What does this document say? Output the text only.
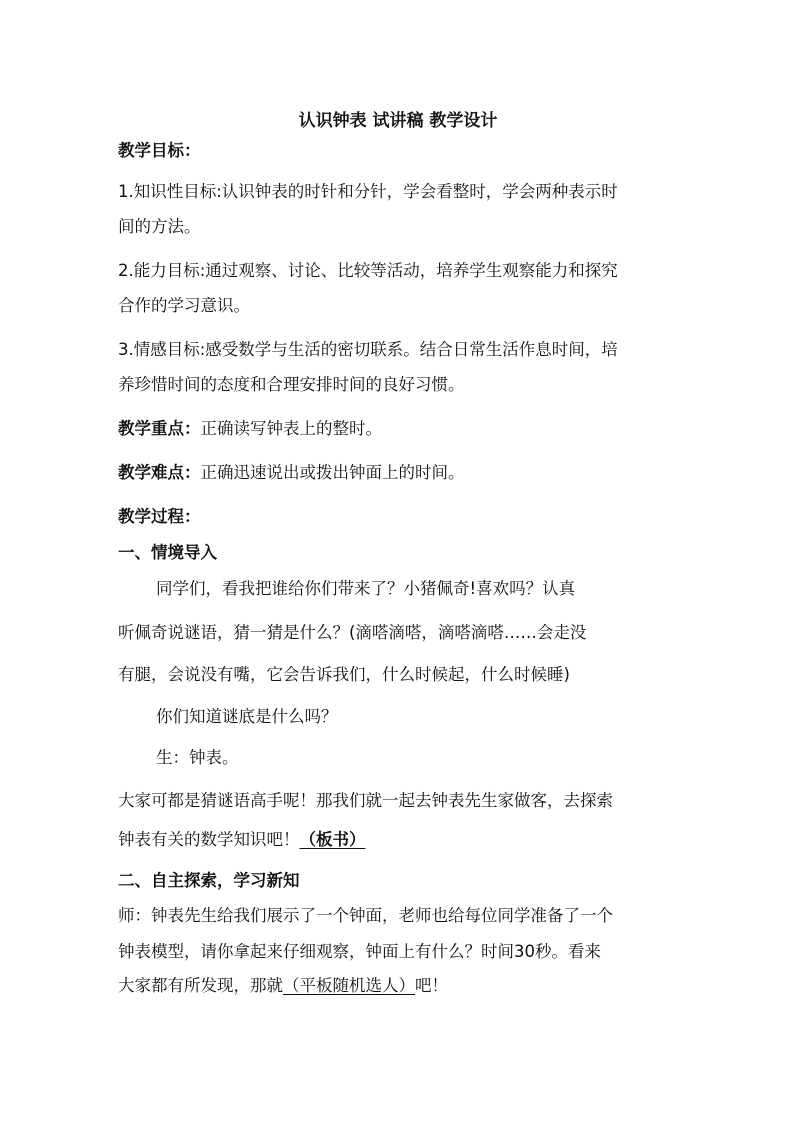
认识钟表 试讲稿 教学设计
教学目标：
1.知识性目标:认识钟表的时针和分针，学会看整时，学会两种表示时
间的方法。
2.能力目标:通过观察、讨论、比较等活动，培养学生观察能力和探究
合作的学习意识。
3.情感目标:感受数学与生活的密切联系。结合日常生活作息时间，培
养珍惜时间的态度和合理安排时间的良好习惯。
教学重点：正确读写钟表上的整时。
教学难点：正确迅速说出或拨出钟面上的时间。
教学过程：
一、情境导入
同学们，看我把谁给你们带来了？小猪佩奇!喜欢吗？认真
听佩奇说谜语，猜一猜是什么？(滴嗒滴嗒，滴嗒滴嗒……会走没
有腿，会说没有嘴，它会告诉我们，什么时候起，什么时候睡)
你们知道谜底是什么吗？
生：钟表。
大家可都是猜谜语高手呢！那我们就一起去钟表先生家做客，去探索
钟表有关的数学知识吧！（板书）
二、自主探索，学习新知
师：钟表先生给我们展示了一个钟面，老师也给每位同学准备了一个
钟表模型，请你拿起来仔细观察，钟面上有什么？时间30秒。看来
大家都有所发现，那就（平板随机选人）吧！
